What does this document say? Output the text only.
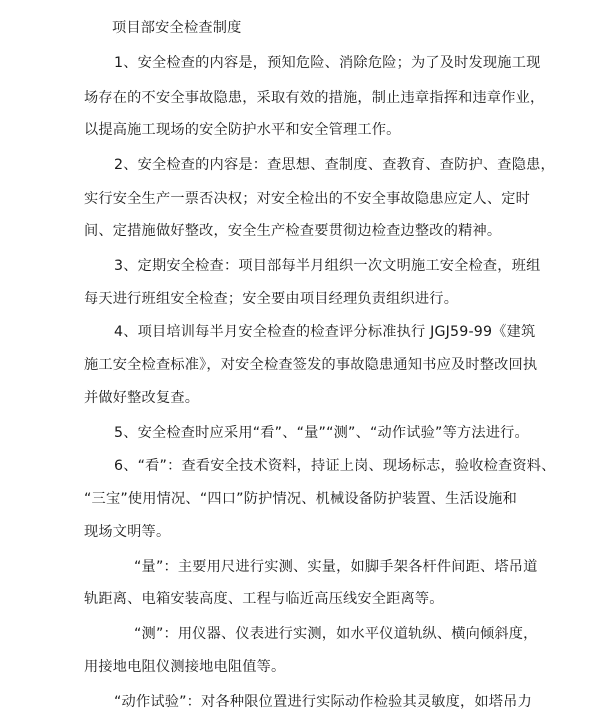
项目部安全检查制度
1、安全检查的内容是，预知危险、消除危险；为了及时发现施工现
场存在的不安全事故隐患，采取有效的措施，制止违章指挥和违章作业，
以提高施工现场的安全防护水平和安全管理工作。
2、安全检查的内容是：查思想、查制度、查教育、查防护、查隐患，
实行安全生产一票否决权；对安全检出的不安全事故隐患应定人、定时
间、定措施做好整改，安全生产检查要贯彻边检查边整改的精神。
3、定期安全检查：项目部每半月组织一次文明施工安全检查，班组
每天进行班组安全检查；安全要由项目经理负责组织进行。
4、项目培训每半月安全检查的检查评分标准执行 JGJ59-99《建筑
施工安全检查标准》，对安全检查签发的事故隐患通知书应及时整改回执
并做好整改复查。
5、安全检查时应采用“看”、“量”“测”、“动作试验”等方法进行。
6、“看”：查看安全技术资料，持证上岗、现场标志，验收检查资料、
“三宝”使用情况、“四口”防护情况、机械设备防护装置、生活设施和
现场文明等。
“量”：主要用尺进行实测、实量，如脚手架各杆件间距、塔吊道
轨距离、电箱安装高度、工程与临近高压线安全距离等。
“测”：用仪器、仪表进行实测，如水平仪道轨纵、横向倾斜度，
用接地电阻仪测接地电阻值等。
“动作试验”：对各种限位置进行实际动作检验其灵敏度，如塔吊力
